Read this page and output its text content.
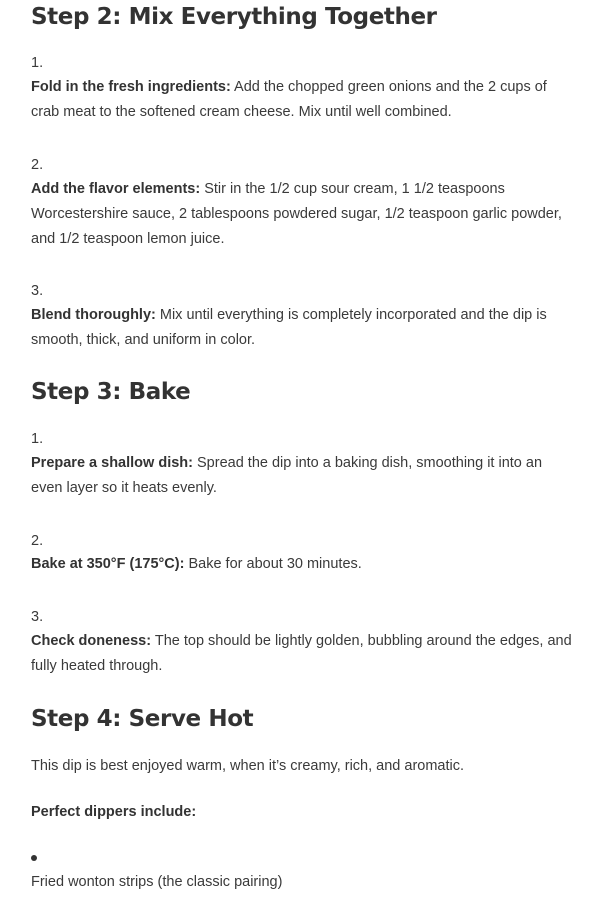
Step 2: Mix Everything Together
1.
Fold in the fresh ingredients: Add the chopped green onions and the 2 cups of crab meat to the softened cream cheese. Mix until well combined.
2.
Add the flavor elements: Stir in the 1/2 cup sour cream, 1 1/2 teaspoons Worcestershire sauce, 2 tablespoons powdered sugar, 1/2 teaspoon garlic powder, and 1/2 teaspoon lemon juice.
3.
Blend thoroughly: Mix until everything is completely incorporated and the dip is smooth, thick, and uniform in color.
Step 3: Bake
1.
Prepare a shallow dish: Spread the dip into a baking dish, smoothing it into an even layer so it heats evenly.
2.
Bake at 350°F (175°C): Bake for about 30 minutes.
3.
Check doneness: The top should be lightly golden, bubbling around the edges, and fully heated through.
Step 4: Serve Hot
This dip is best enjoyed warm, when it’s creamy, rich, and aromatic.
Perfect dippers include:
Fried wonton strips (the classic pairing)
